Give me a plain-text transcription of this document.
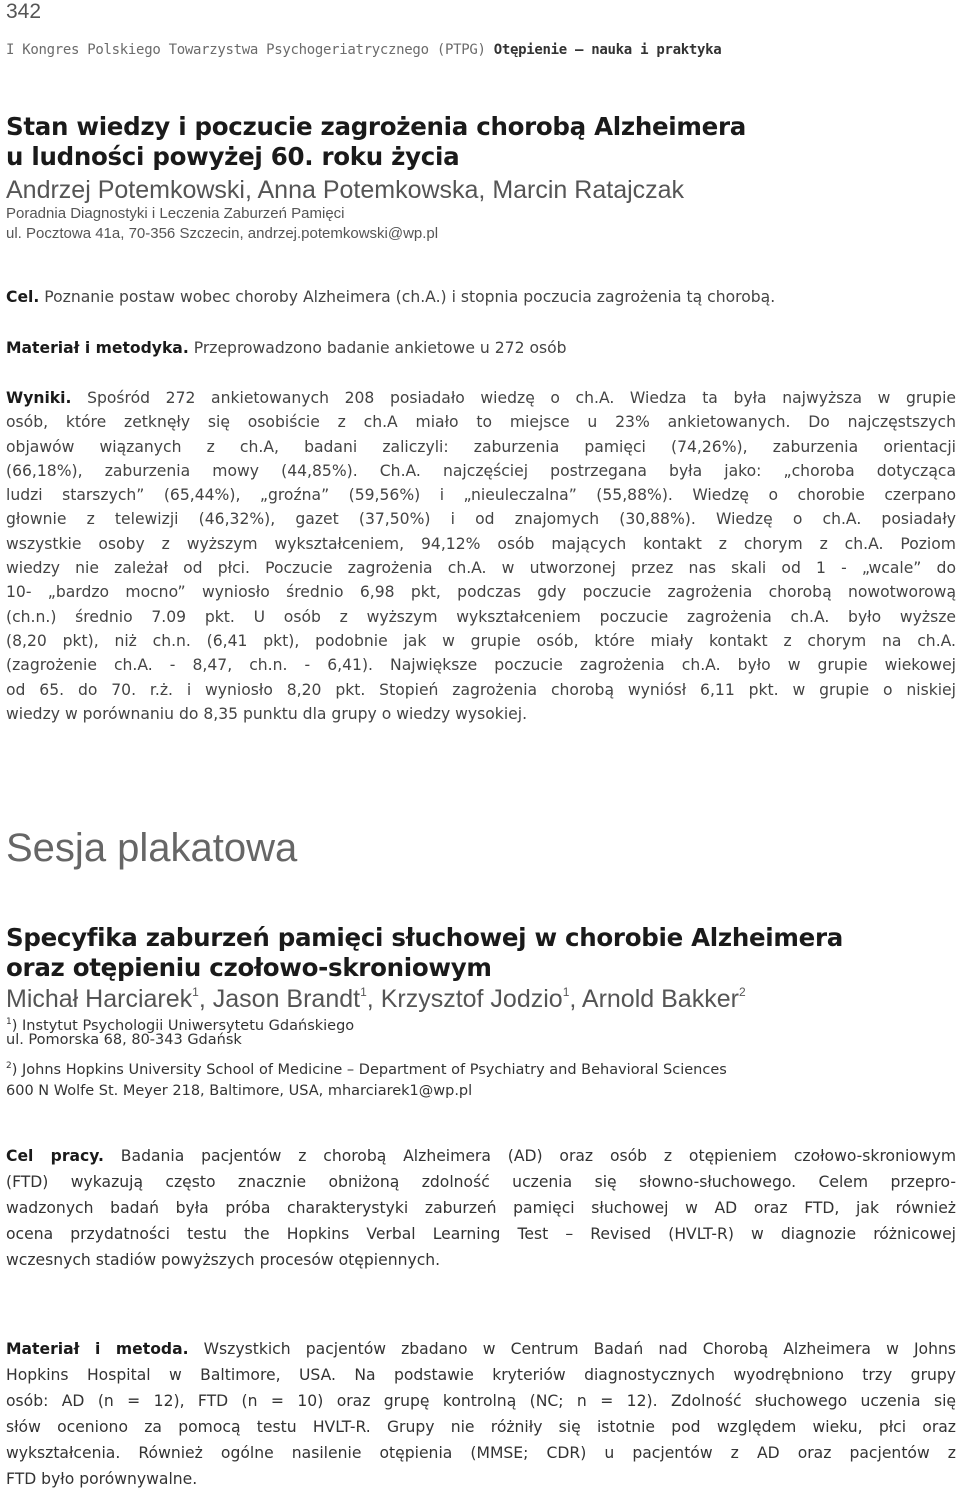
342
I Kongres Polskiego Towarzystwa Psychogeriatrycznego (PTPG) Otępienie – nauka i praktyka
Stan wiedzy i poczucie zagrożenia chorobą Alzheimera
u ludności powyżej 60. roku życia
Andrzej Potemkowski, Anna Potemkowska, Marcin Ratajczak
Poradnia Diagnostyki i Leczenia Zaburzeń Pamięci
ul. Pocztowa 41a, 70-356 Szczecin, andrzej.potemkowski@wp.pl

Cel. Poznanie postaw wobec choroby Alzheimera (ch.A.) i stopnia poczucia zagrożenia tą chorobą.

Materiał i metodyka. Przeprowadzono badanie ankietowe u 272 osób

Wyniki. Spośród 272 ankietowanych 208 posiadało wiedzę o ch.A. Wiedza ta była najwyższa w grupie
osób, które zetknęły się osobiście z ch.A miało to miejsce u 23% ankietowanych. Do najczęstszych
objawów wiązanych z ch.A, badani zaliczyli: zaburzenia pamięci (74,26%), zaburzenia orientacji
(66,18%), zaburzenia mowy (44,85%). Ch.A. najczęściej postrzegana była jako: „choroba dotycząca
ludzi starszych” (65,44%), „groźna” (59,56%) i „nieuleczalna” (55,88%). Wiedzę o chorobie czerpano
głownie z telewizji (46,32%), gazet (37,50%) i od znajomych (30,88%). Wiedzę o ch.A. posiadały
wszystkie osoby z wyższym wykształceniem, 94,12% osób mających kontakt z chorym z ch.A. Poziom
wiedzy nie zależał od płci. Poczucie zagrożenia ch.A. w utworzonej przez nas skali od 1 - „wcale” do
10- „bardzo mocno” wyniosło średnio 6,98 pkt, podczas gdy poczucie zagrożenia chorobą nowotworową
(ch.n.) średnio 7.09 pkt. U osób z wyższym wykształceniem poczucie zagrożenia ch.A. było wyższe
(8,20 pkt), niż ch.n. (6,41 pkt), podobnie jak w grupie osób, które miały kontakt z chorym na ch.A.
(zagrożenie ch.A. - 8,47, ch.n. - 6,41). Największe poczucie zagrożenia ch.A. było w grupie wiekowej
od 65. do 70. r.ż. i wyniosło 8,20 pkt. Stopień zagrożenia chorobą wyniósł 6,11 pkt. w grupie o niskiej
wiedzy w porównaniu do 8,35 punktu dla grupy o wiedzy wysokiej.

Sesja plakatowa
Specyfika zaburzeń pamięci słuchowej w chorobie Alzheimera
oraz otępieniu czołowo-skroniowym
Michał Harciarek$^1$, Jason Brandt$^1$, Krzysztof Jodzio$^1$, Arnold Bakker$^2$
$^1$) Instytut Psychologii Uniwersytetu Gdańskiego
ul. Pomorska 68, 80-343 Gdańsk
$^2$) Johns Hopkins University School of Medicine – Department of Psychiatry and Behavioral Sciences
600 N Wolfe St. Meyer 218, Baltimore, USA, mharciarek1@wp.pl

Cel pracy. Badania pacjentów z chorobą Alzheimera (AD) oraz osób z otępieniem czołowo-skroniowym
(FTD) wykazują często znacznie obniżoną zdolność uczenia się słowno-słuchowego. Celem przepro-
wadzonych badań była próba charakterystyki zaburzeń pamięci słuchowej w AD oraz FTD, jak również
ocena przydatności testu the Hopkins Verbal Learning Test – Revised (HVLT-R) w diagnozie różnicowej
wczesnych stadiów powyższych procesów otępiennych.

Materiał i metoda. Wszystkich pacjentów zbadano w Centrum Badań nad Chorobą Alzheimera w Johns
Hopkins Hospital w Baltimore, USA. Na podstawie kryteriów diagnostycznych wyodrębniono trzy grupy
osób: AD (n = 12), FTD (n = 10) oraz grupę kontrolną (NC; n = 12). Zdolność słuchowego uczenia się
słów oceniono za pomocą testu HVLT-R. Grupy nie różniły się istotnie pod względem wieku, płci oraz
wykształcenia. Również ogólne nasilenie otępienia (MMSE; CDR) u pacjentów z AD oraz pacjentów z
FTD było porównywalne.
